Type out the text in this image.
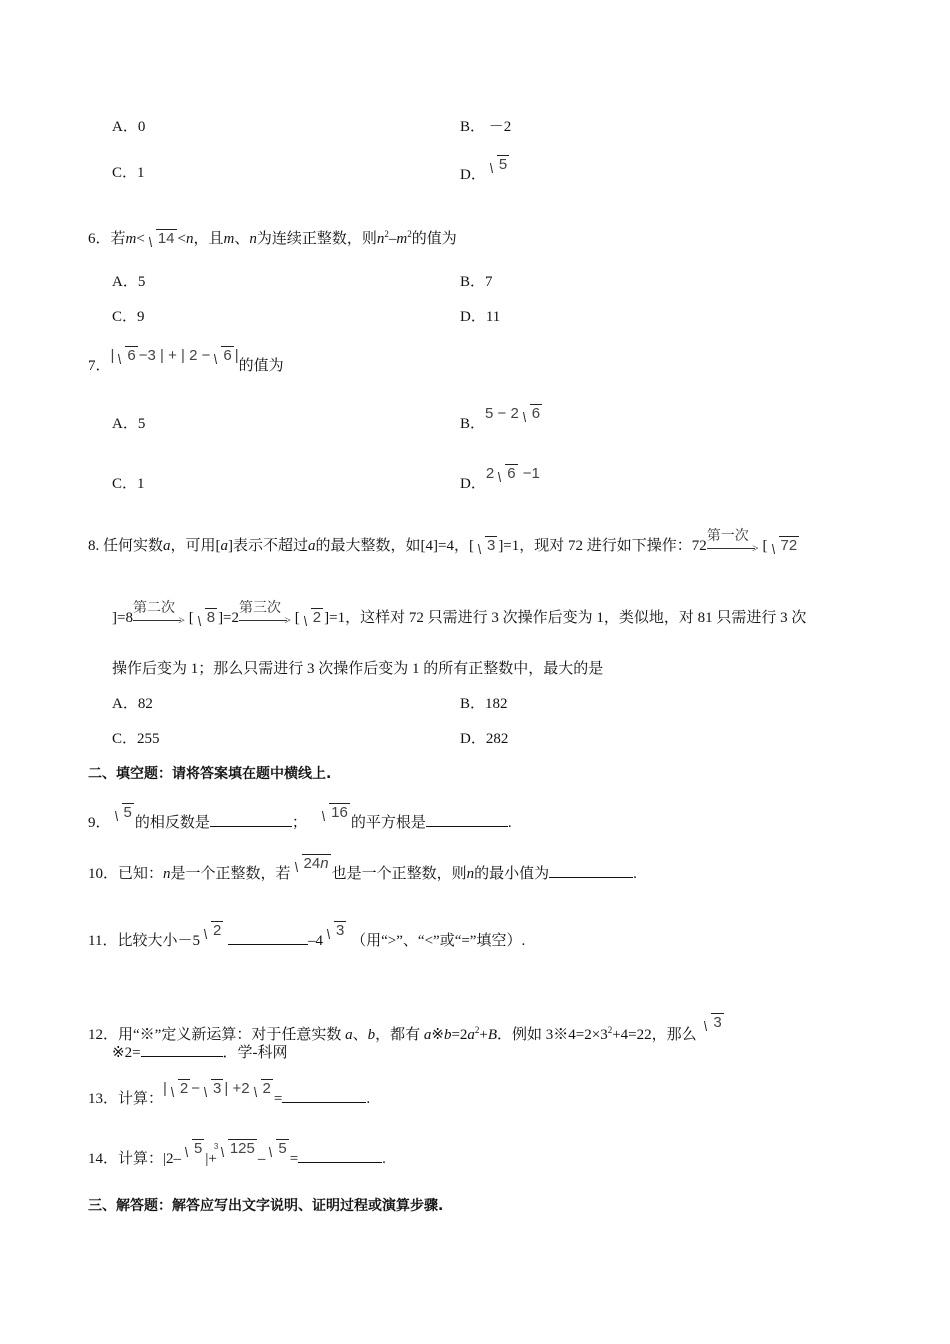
A．0	B． －2
C．1	D．5
6．若m< 14 <n，且m、n为连续正整数，则$n^2-m^2$的值为
A．5	B．7
C．9	D．11
7．| 6 −3 | + | 2 − 6 |的值为
A．5	B．5 − 2 6
C．1	D．2 6 −1
8. 任何实数a，可用[a]表示不超过a的最大整数，如[4]=4，[ 3 ]=1，现对 72 进行如下操作：72
第一次
> [ 72
]=8
第二次
> [ 8 ]=2
第三次
> [ 2 ]=1，这样对 72 只需进行 3 次操作后变为 1，类似地，对 81 只需进行 3 次
操作后变为 1；那么只需进行 3 次操作后变为 1 的所有正整数中，最大的是
A．82	B．182
C．255	D．282
二、填空题：请将答案填在题中横线上.
9．5的相反数是	；   16的平方根是	.
10．已知：n是一个正整数，若24n也是一个正整数，则n的最小值为	.
11．比较大小－52 –43 （用“>”、“<”或“=”填空）.
12．用“※”定义新运算：对于任意实数 a、b，都有 $a※b=2a^2+B$．例如 $3※4=2\times 3^2+4=22$，那么 3
※2=	．学-科网
13．计算：| 2 − 3 | +2 2=	.
14．计算：|2–5|+
3 125–5=	.
三、解答题：解答应写出文字说明、证明过程或演算步骤.
